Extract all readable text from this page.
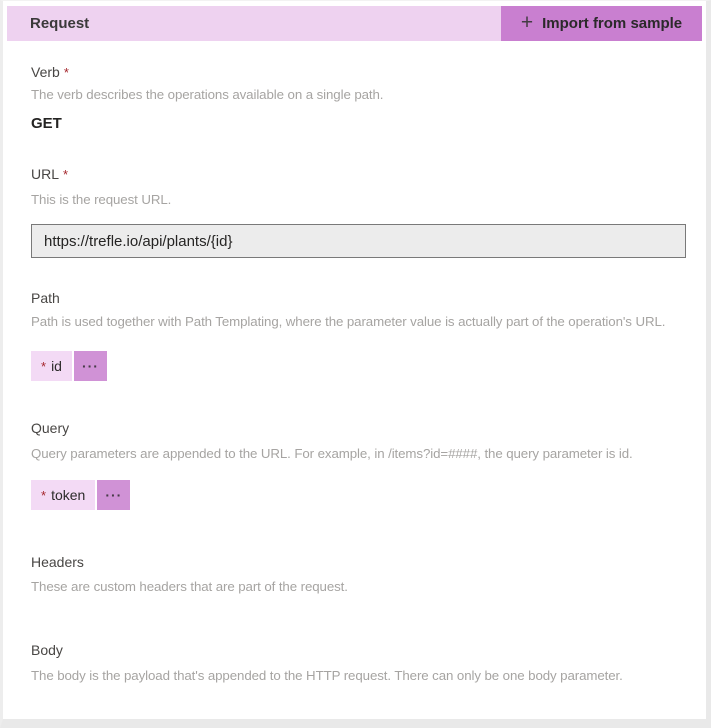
Request	+ Import from sample
Verb *
The verb describes the operations available on a single path.
GET
URL *
This is the request URL.
https://trefle.io/api/plants/{id}
Path
Path is used together with Path Templating, where the parameter value is actually part of the operation's URL.
* id ···
Query
Query parameters are appended to the URL. For example, in /items?id=####, the query parameter is id.
* token ···
Headers
These are custom headers that are part of the request.
Body
The body is the payload that's appended to the HTTP request. There can only be one body parameter.
